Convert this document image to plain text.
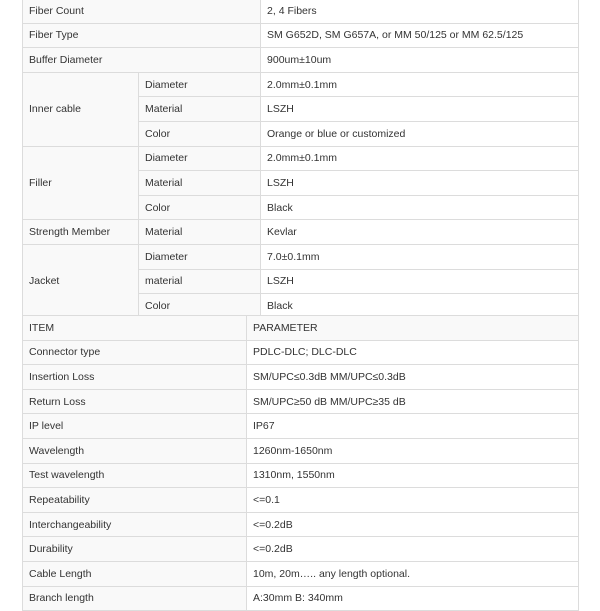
Fiber Count		2, 4 Fibers
Fiber Type		SM G652D, SM G657A, or MM 50/125 or MM 62.5/125
Buffer Diameter		900um±10um
Inner cable	Diameter	2.0mm±0.1mm
	Material	LSZH
	Color	Orange or blue or customized
Filler	Diameter	2.0mm±0.1mm
	Material	LSZH
	Color	Black
Strength Member	Material	Kevlar
Jacket	Diameter	7.0±0.1mm
	material	LSZH
	Color	Black
ITEM	PARAMETER
Connector type	PDLC-DLC; DLC-DLC
Insertion Loss	SM/UPC≤0.3dB MM/UPC≤0.3dB
Return Loss	SM/UPC≥50 dB MM/UPC≥35 dB
IP level	IP67
Wavelength	1260nm-1650nm
Test wavelength	1310nm, 1550nm
Repeatability	<=0.1
Interchangeability	<=0.2dB
Durability	<=0.2dB
Cable Length	10m, 20m….. any length optional.
Branch length	A:30mm B: 340mm
